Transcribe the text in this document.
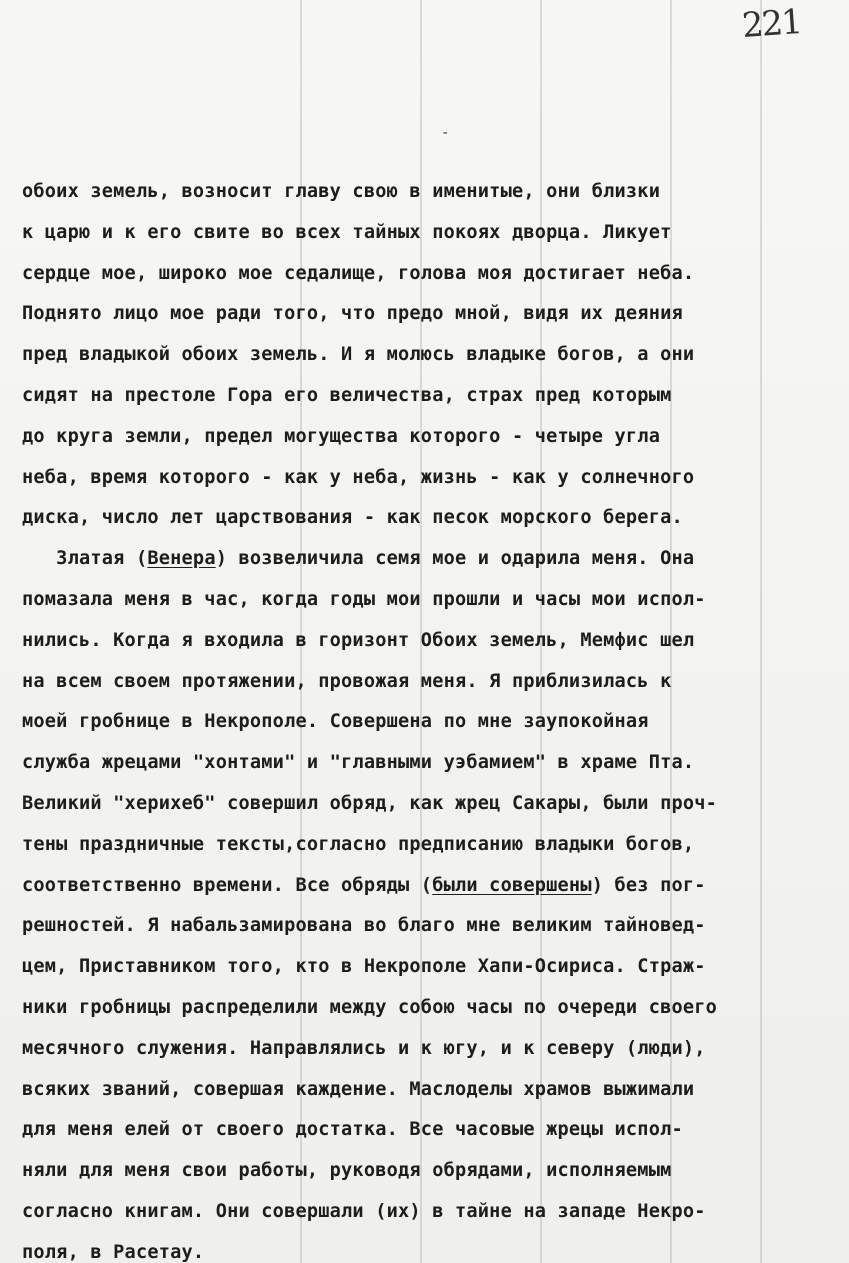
221
-
обоих земель, возносит главу свою в именитые, они близки
к царю и к его свите во всех тайных покоях дворца. Ликует
сердце мое, широко мое седалище, голова моя достигает неба.
Поднято лицо мое ради того, что предо мной, видя их деяния
пред владыкой обоих земель. И я молюсь владыке богов, а они
сидят на престоле Гора его величества, страх пред которым
до круга земли, предел могущества которого - четыре угла
неба, время которого - как у неба, жизнь - как у солнечного
диска, число лет царствования - как песок морского берега.
Златая (Венера) возвеличила семя мое и одарила меня. Она
помазала меня в час, когда годы мои прошли и часы мои испол-
нились. Когда я входила в горизонт Обоих земель, Мемфис шел
на всем своем протяжении, провожая меня. Я приблизилась к
моей гробнице в Некрополе. Совершена по мне заупокойная
служба жрецами "хонтами" и "главными уэбамием" в храме Пта.
Великий "херихеб" совершил обряд, как жрец Сакары, были проч-
тены праздничные тексты,согласно предписанию владыки богов,
соответственно времени. Все обряды (были совершены) без пог-
решностей. Я набальзамирована во благо мне великим тайновед-
цем, Приставником того, кто в Некрополе Хапи-Осириса. Страж-
ники гробницы распределили между собою часы по очереди своего
месячного служения. Направлялись и к югу, и к северу (люди),
всяких званий, совершая каждение. Маслоделы храмов выжимали
для меня елей от своего достатка. Все часовые жрецы испол-
няли для меня свои работы, руководя обрядами, исполняемым
согласно книгам. Они совершали (их) в тайне на западе Некро-
поля, в Расетау.
